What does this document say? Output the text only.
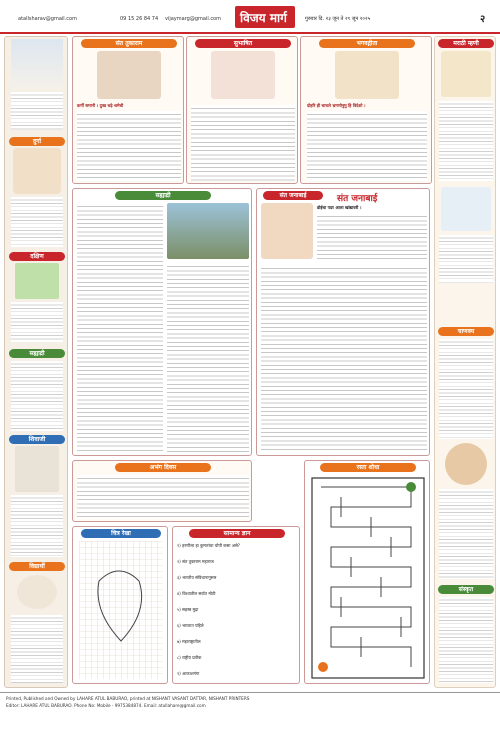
atallsharav@gmail.com	09 15 26 84 74 vijaymarg@gmail.com विजय मार्ग	गुरुवार दि. २३ जून ते २९ जून २०२५	२
दुर्गा
दक्षिण
सह्याद्री
शिवाजी
विद्यार्थी
संत तुकाराम
कर्मी समानी । दुःख चढ़े श्रमेची
सुभाषित	भगवद्गीता
दोहरि ही चाचले भ्रमणोनुमु हि विदेशो ।
मराठी म्हणी
चाणक्य
संस्कृत
सह्याद्री	संत जनाबाई	संत जनाबाई
डोईचा पदर आला खांद्यावरी ।
अभंग दिवस
चित्र रेखा	सामान्य ज्ञान
१) हरणीला हा कुमारांचा चोपी कसा असे?
२) संत तुकाराम महाराज
३) भारतीय संविधानानुसार
४) विश्वातील सर्वात मोठी
५) सहस्त्र मुद्रा
६) भारतात पहिले
७) महाराष्ट्रातील
८) राष्ट्रीय प्रतीक
९) आकाशगंगा
रस्ता शोधा
Printed, Published and Owned by LAHARE ATUL BABURAO, printed at NISHANT VASANT DATTAR, NISHANT PRINTERS
Editor: LAHARE ATUL BABURAO. Phone No: Mobile - 9975384874. Email: atullahare@gmail.com
